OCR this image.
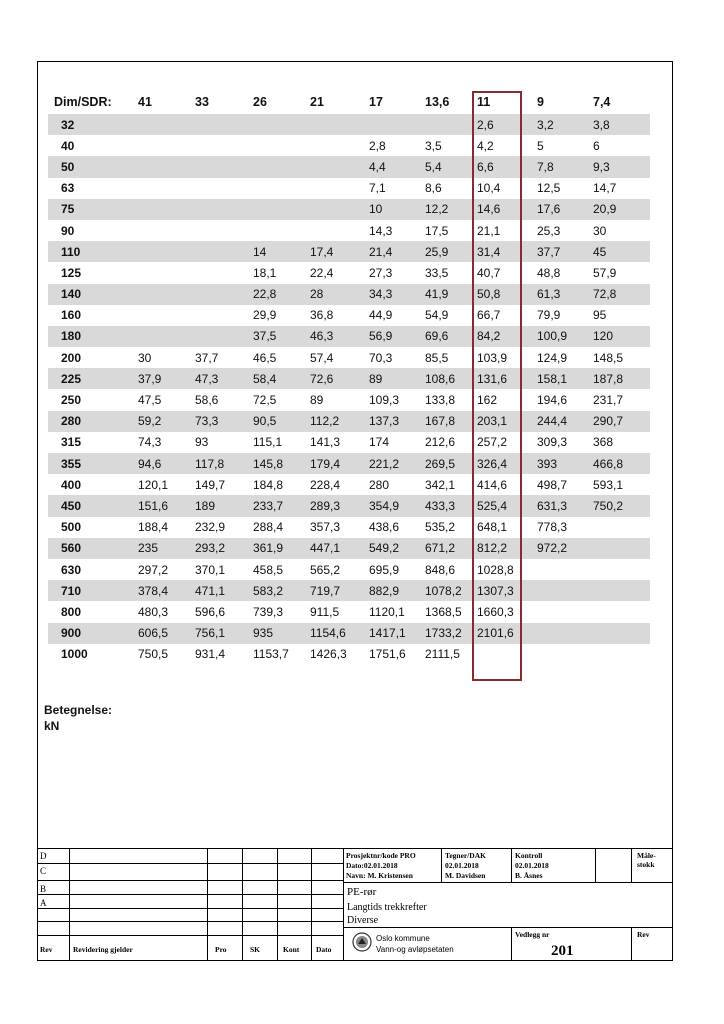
Dim/SDR:	41	33	26	21	17	13,6	11	9	7,4
32							2,6	3,2	3,8
40					2,8	3,5	4,2	5	6
50					4,4	5,4	6,6	7,8	9,3
63					7,1	8,6	10,4	12,5	14,7
75					10	12,2	14,6	17,6	20,9
90					14,3	17,5	21,1	25,3	30
110			14	17,4	21,4	25,9	31,4	37,7	45
125			18,1	22,4	27,3	33,5	40,7	48,8	57,9
140			22,8	28	34,3	41,9	50,8	61,3	72,8
160			29,9	36,8	44,9	54,9	66,7	79,9	95
180			37,5	46,3	56,9	69,6	84,2	100,9	120
200	30	37,7	46,5	57,4	70,3	85,5	103,9	124,9	148,5
225	37,9	47,3	58,4	72,6	89	108,6	131,6	158,1	187,8
250	47,5	58,6	72,5	89	109,3	133,8	162	194,6	231,7
280	59,2	73,3	90,5	112,2	137,3	167,8	203,1	244,4	290,7
315	74,3	93	115,1	141,3	174	212,6	257,2	309,3	368
355	94,6	117,8	145,8	179,4	221,2	269,5	326,4	393	466,8
400	120,1	149,7	184,8	228,4	280	342,1	414,6	498,7	593,1
450	151,6	189	233,7	289,3	354,9	433,3	525,4	631,3	750,2
500	188,4	232,9	288,4	357,3	438,6	535,2	648,1	778,3	
560	235	293,2	361,9	447,1	549,2	671,2	812,2	972,2	
630	297,2	370,1	458,5	565,2	695,9	848,6	1028,8		
710	378,4	471,1	583,2	719,7	882,9	1078,2	1307,3		
800	480,3	596,6	739,3	911,5	1120,1	1368,5	1660,3		
900	606,5	756,1	935	1154,6	1417,1	1733,2	2101,6		
1000	750,5	931,4	1153,7	1426,3	1751,6	2111,5			
Betegnelse:
kN
D
C
B
A
Rev	Revidering gjelder	Pro	SK	Kont Dato
Prosjektnr/kode PRO
Dato:02.01.2018
Navn: M. Kristensen
Tegner/DAK
02.01.2018
M. Davidsen
Kontroll
02.01.2018
B. Åsnes
Måle-
stokk
PE-rør
Langtids trekkrefter
Diverse
Oslo kommune
Vann-og avløpsetaten
Vedlegg nr
201
Rev
